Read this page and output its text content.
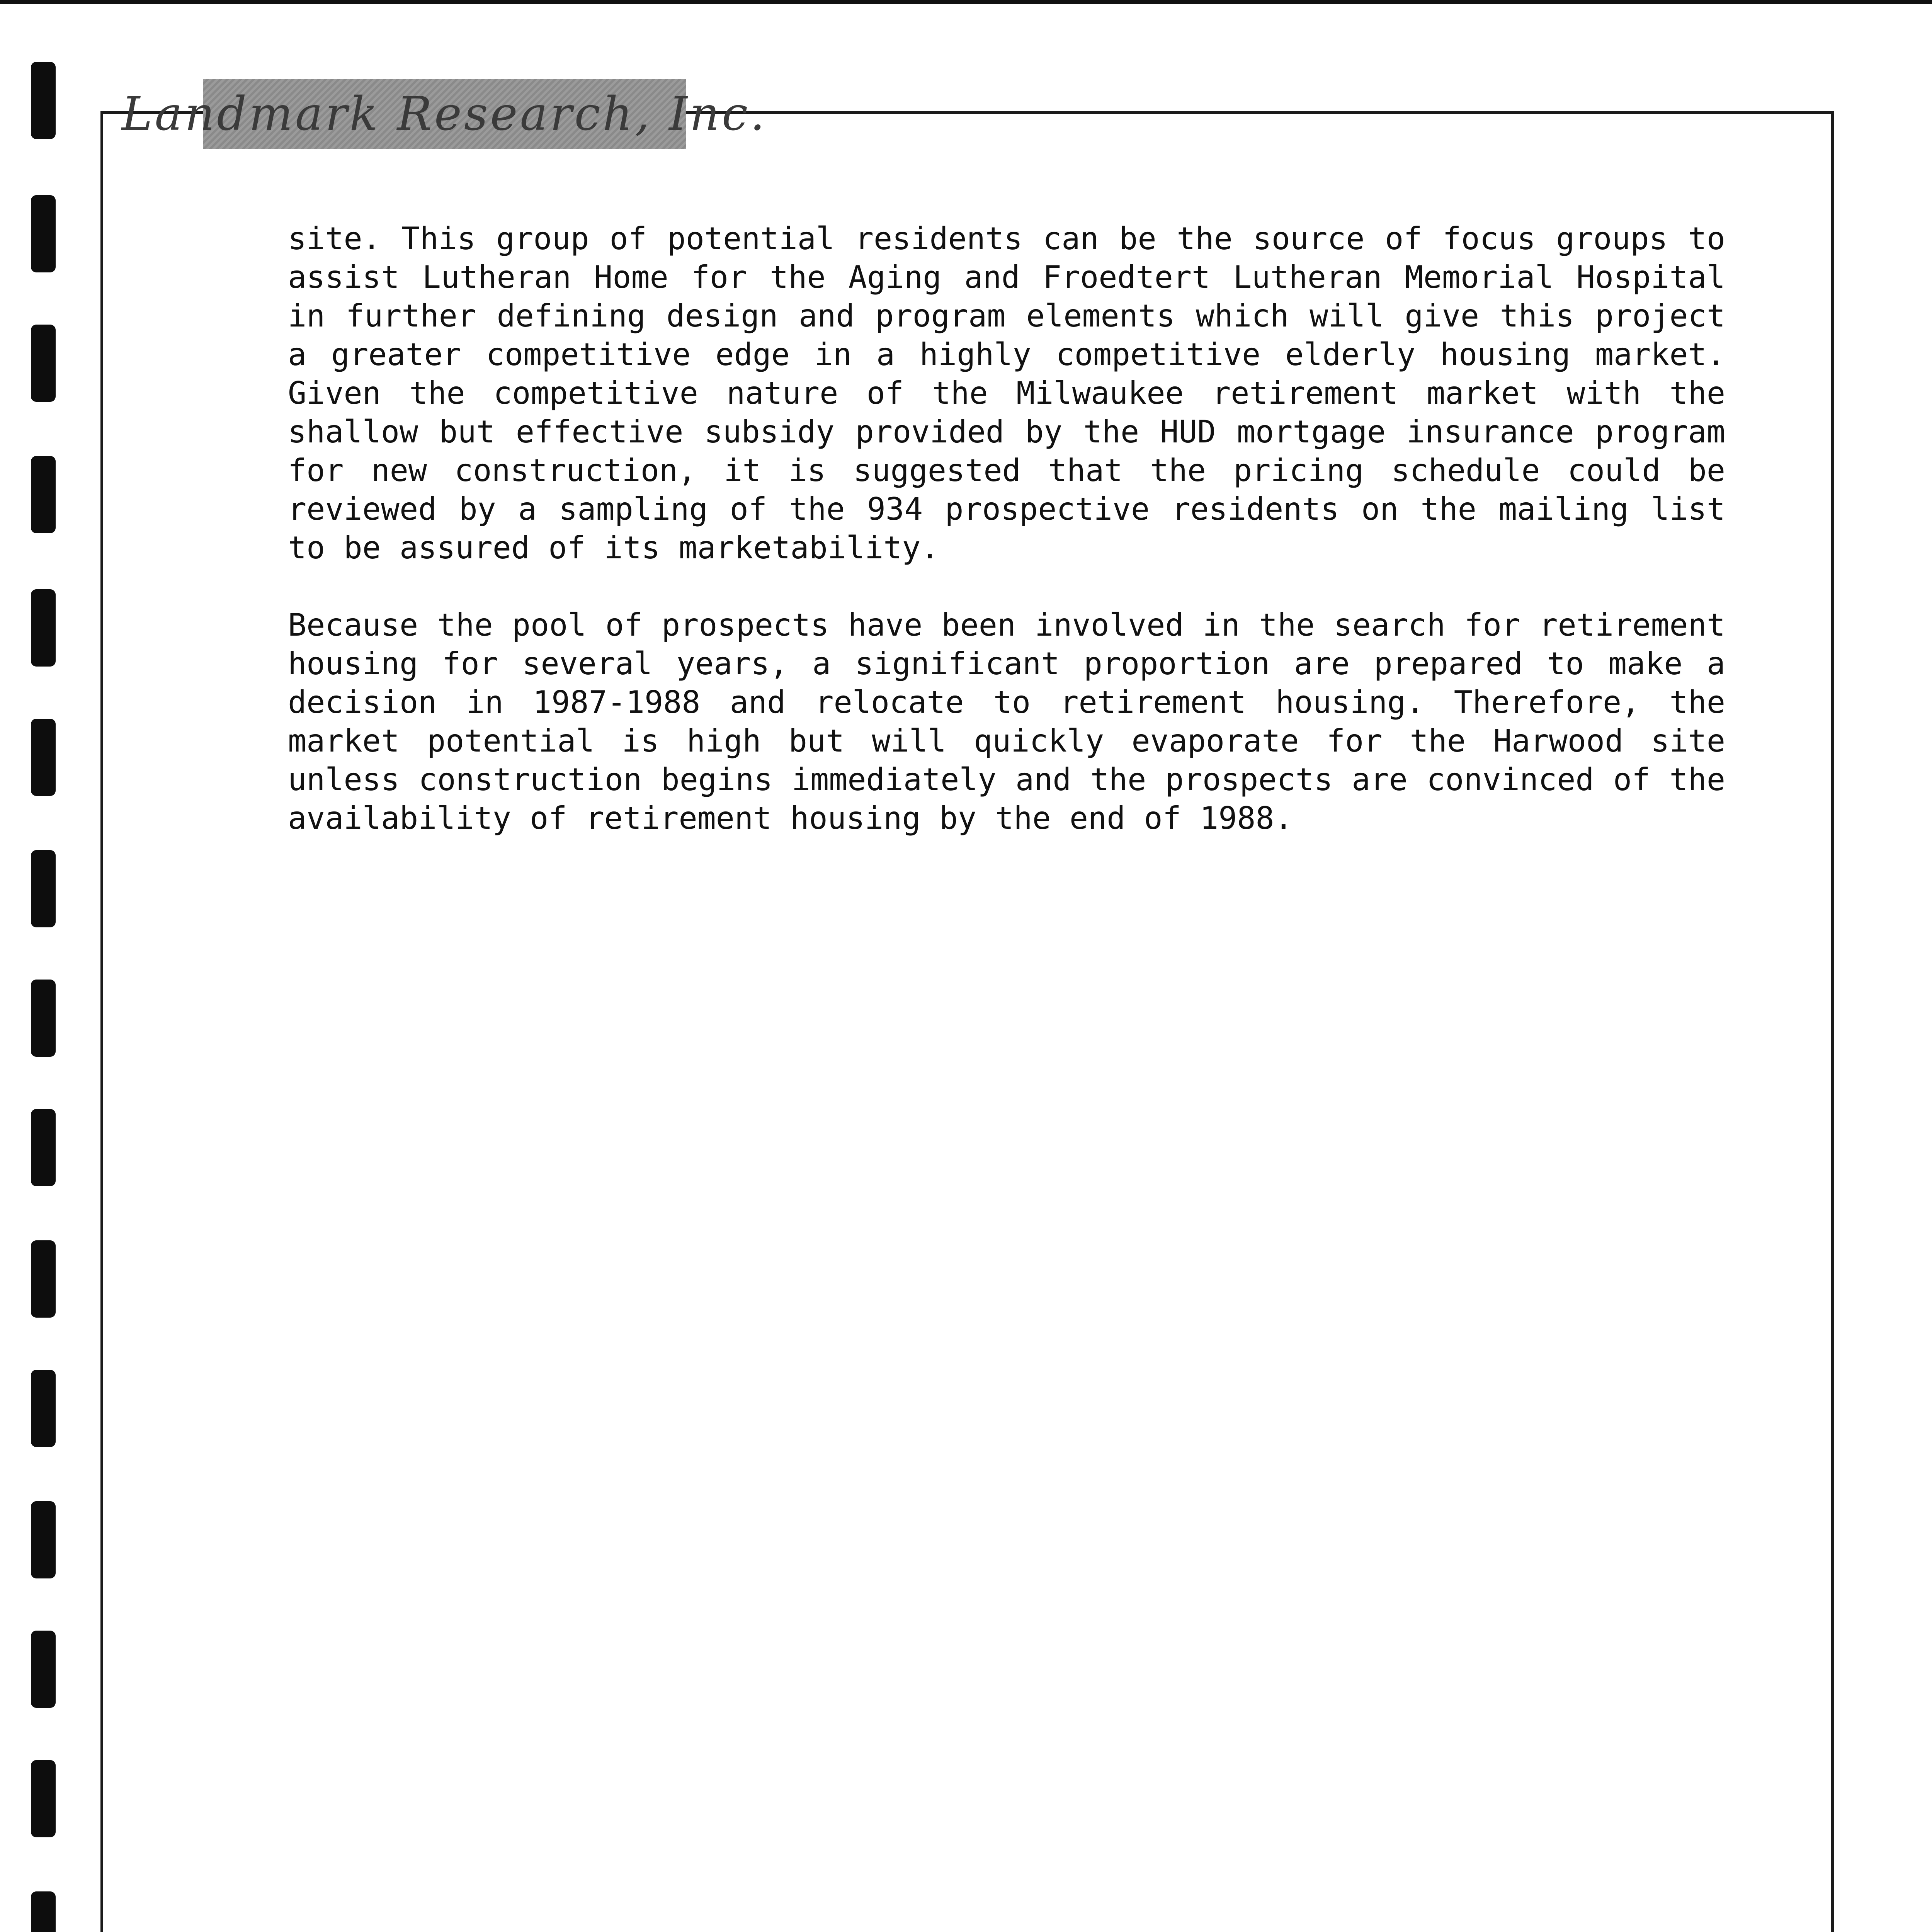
Landmark Research, Inc.

site. This group of potential residents can be the source of focus groups to assist Lutheran Home for the Aging and Froedtert Lutheran Memorial Hospital in further defining design and program elements which will give this project a greater competitive edge in a highly competitive elderly housing market. Given the competitive nature of the Milwaukee retirement market with the shallow but effective subsidy provided by the HUD mortgage insurance program for new construction, it is suggested that the pricing schedule could be reviewed by a sampling of the 934 prospective residents on the mailing list to be assured of its marketability.

Because the pool of prospects have been involved in the search for retirement housing for several years, a significant proportion are prepared to make a decision in 1987-1988 and relocate to retirement housing. Therefore, the market potential is high but will quickly evaporate for the Harwood site unless construction begins immediately and the prospects are convinced of the availability of retirement housing by the end of 1988.
